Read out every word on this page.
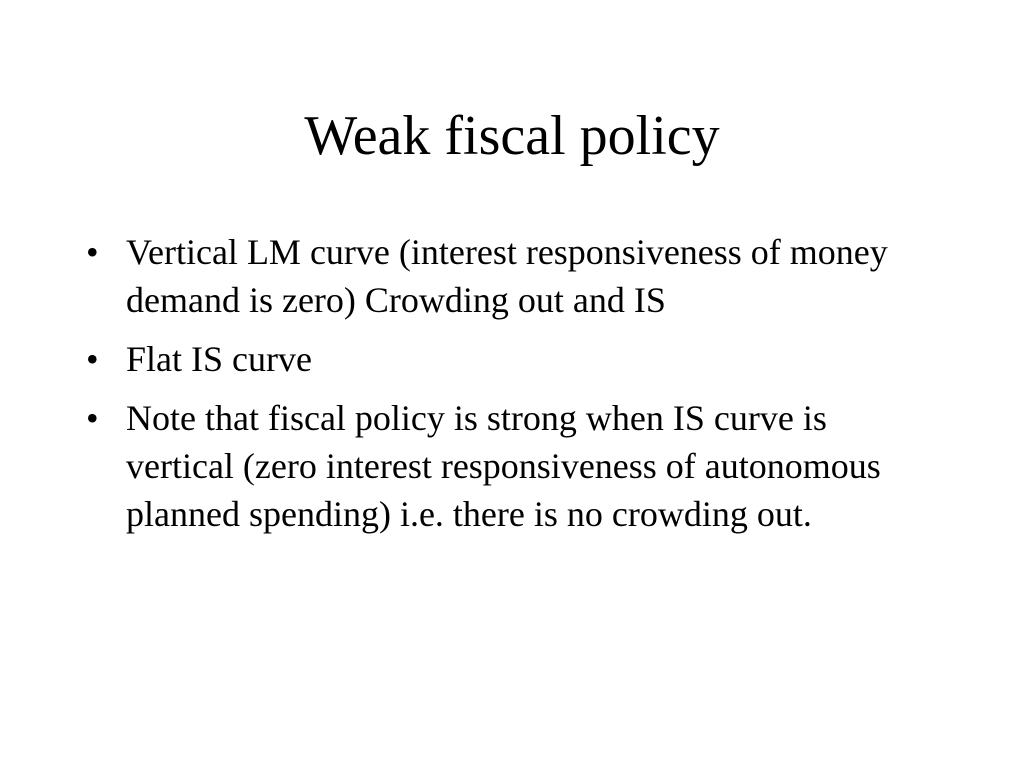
Weak fiscal policy
• Vertical LM curve (interest responsiveness of money demand is zero) Crowding out and IS
• Flat IS curve
• Note that fiscal policy is strong when IS curve is vertical (zero interest responsiveness of autonomous planned spending) i.e. there is no crowding out.
